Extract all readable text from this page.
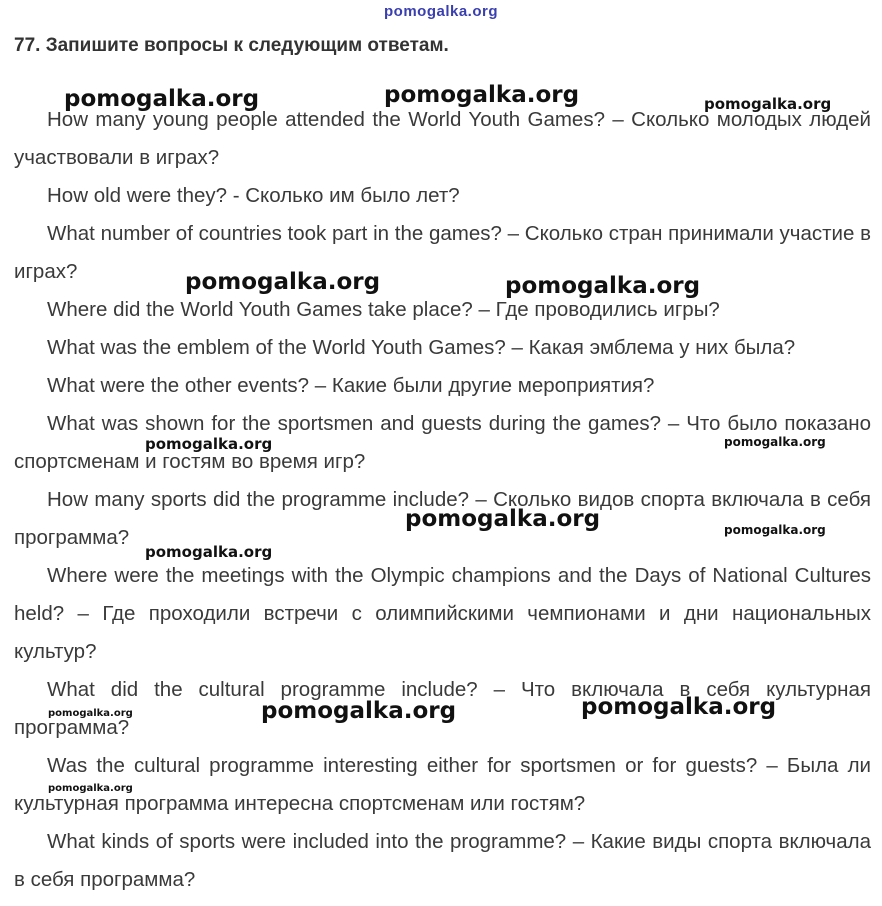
pomogalka.org
77. Запишите вопросы к следующим ответам.

How many young people attended the World Youth Games? – Сколько молодых людей участвовали в играх?

How old were they? - Сколько им было лет?

What number of countries took part in the games? – Сколько стран принимали участие в играх?

Where did the World Youth Games take place? – Где проводились игры?

What was the emblem of the World Youth Games? – Какая эмблема у них была?

What were the other events? – Какие были другие мероприятия?

What was shown for the sportsmen and guests during the games? – Что было показано спортсменам и гостям во время игр?

How many sports did the programme include? – Сколько видов спорта включала в себя программа?

Where were the meetings with the Olympic champions and the Days of National Cultures held? – Где проходили встречи с олимпийскими чемпионами и дни национальных культур?

What did the cultural programme include? – Что включала в себя культурная программа?

Was the cultural programme interesting either for sportsmen or for guests? – Была ли культурная программа интересна спортсменам или гостям?

What kinds of sports were included into the programme? – Какие виды спорта включала в себя программа?

pomogalka.org	pomogalka.org	pomogalka.org
pomogalka.org	pomogalka.org
pomogalka.org	pomogalka.org
pomogalka.org	pomogalka.org
pomogalka.org
pomogalka.org	pomogalka.org	pomogalka.org
pomogalka.org
